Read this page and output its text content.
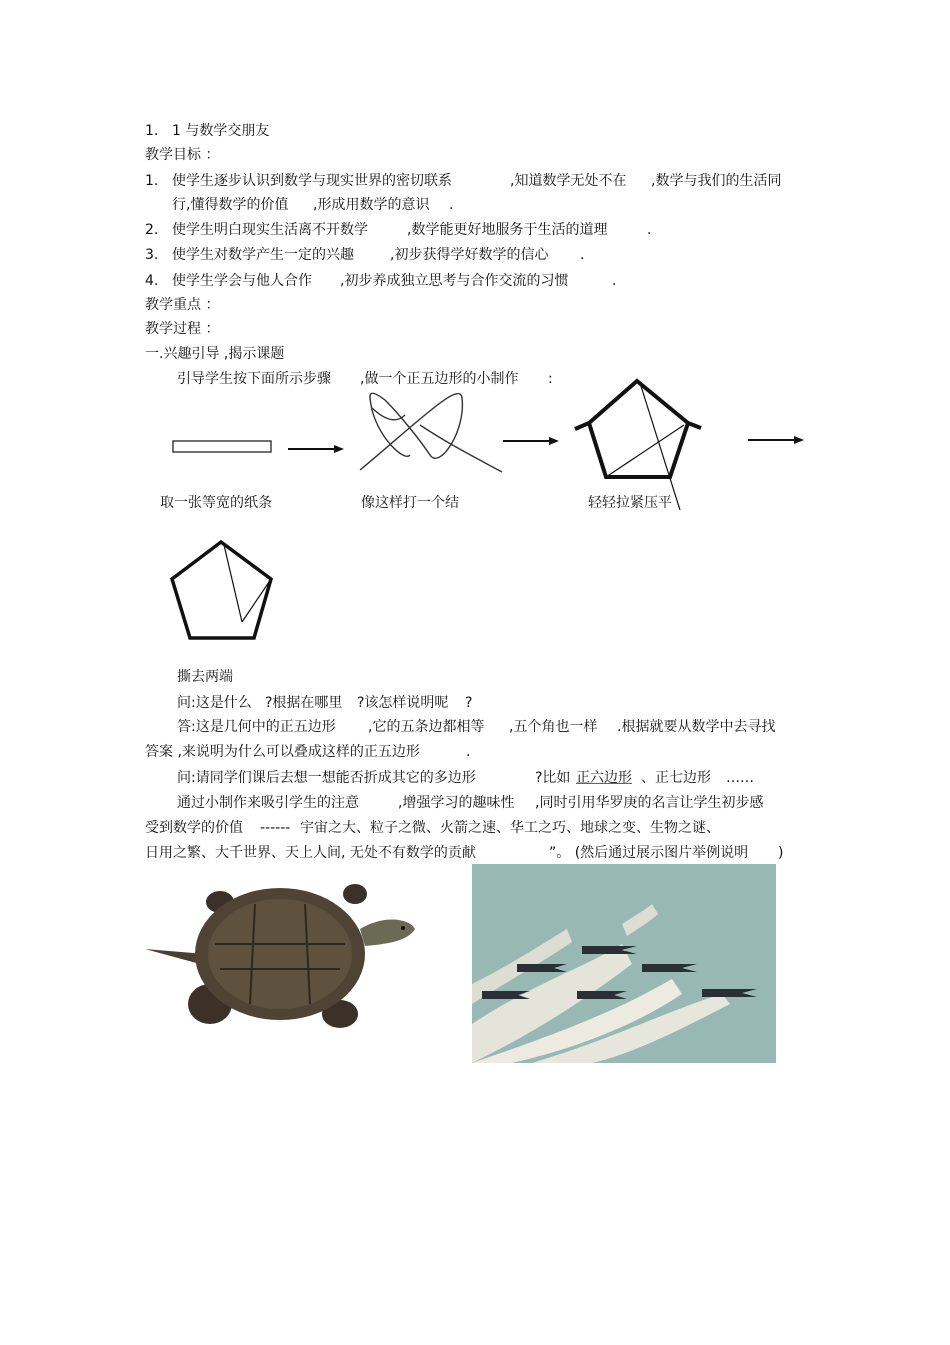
1. 1 与数学交朋友
教学目标 ：
1. 使学生逐步认识到数学与现实世界的密切联系	,知道数学无处不在 ,数学与我们的生活同
行,懂得数学的价值 ,形成用数学的意识 .
2. 使学生明白现实生活离不开数学	,数学能更好地服务于生活的道理	.
3. 使学生对数学产生一定的兴趣	,初步获得学好数学的信心 .
4. 使学生学会与他人合作 ,初步养成独立思考与合作交流的习惯	.
教学重点 ：
教学过程 ：
一.兴趣引导 ,揭示课题
引导学生按下面所示步骤 ,做一个正五边形的小制作 :
取一张等宽的纸条	像这样打一个结	轻轻拉紧压平
撕去两端
问:这是什么 ?根据在哪里 ?该怎样说明呢 ?
答:这是几何中的正五边形 ,它的五条边都相等 ,五个角也一样 .根据就要从数学中去寻找
答案 ,来说明为什么可以叠成这样的正五边形	.
问:请同学们课后去想一想能否折成其它的多边形	?比如 正六边形 、正七边形 ……
通过小制作来吸引学生的注意	,增强学习的趣味性 ,同时引用华罗庚的名言让学生初步感
受到数学的价值 ------ 宇宙之大、粒子之微、火箭之速、华工之巧、地球之变、生物之谜、
日用之繁、大千世界、天上人间, 无处不有数学的贡献	”。 (然后通过展示图片举例说明 )
